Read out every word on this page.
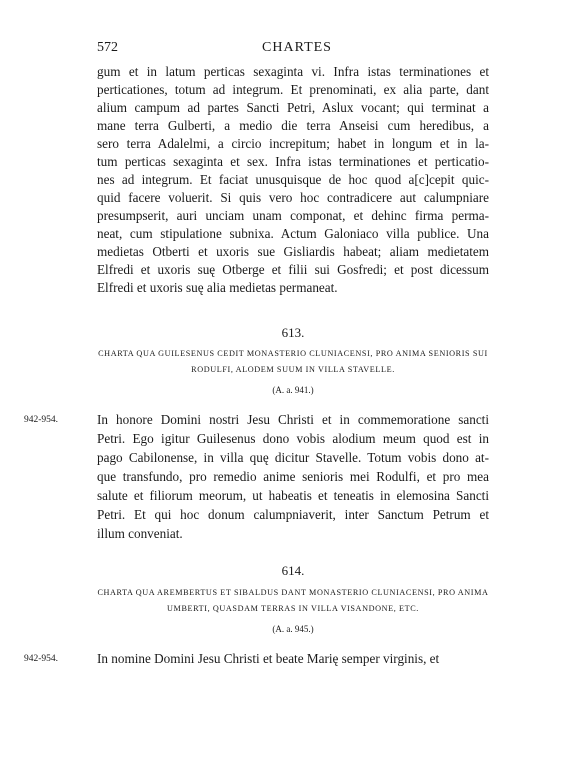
572	CHARTES
gum et in latum perticas sexaginta vi. Infra istas terminationes et
perticationes, totum ad integrum. Et prenominati, ex alia parte, dant
alium campum ad partes Sancti Petri, Aslux vocant; qui terminat a
mane terra Gulberti, a medio die terra Anseisi cum heredibus, a
sero terra Adalelmi, a circio increpitum; habet in longum et in la-
tum perticas sexaginta et sex. Infra istas terminationes et perticatio-
nes ad integrum. Et faciat unusquisque de hoc quod a[c]cepit quic-
quid facere voluerit. Si quis vero hoc contradicere aut calumpniare
presumpserit, auri unciam unam componat, et dehinc firma perma-
neat, cum stipulatione subnixa. Actum Galoniaco villa publice. Una
medietas Otberti et uxoris sue Gisliardis habeat; aliam medietatem
Elfredi et uxoris suę Otberge et filii sui Gosfredi; et post dicessum
Elfredi et uxoris suę alia medietas permaneat.
613.
CHARTA QUA GUILESENUS CEDIT MONASTERIO CLUNIACENSI, PRO ANIMA SENIORIS SUI
RODULFI, ALODEM SUUM IN VILLA STAVELLE.
(A. a. 941.)
942-954.	In honore Domini nostri Jesu Christi et in commemoratione sancti
Petri. Ego igitur Guilesenus dono vobis alodium meum quod est in
pago Cabilonense, in villa quę dicitur Stavelle. Totum vobis dono at-
que transfundo, pro remedio anime senioris mei Rodulfi, et pro mea
salute et filiorum meorum, ut habeatis et teneatis in elemosina Sancti
Petri. Et qui hoc donum calumpniaverit, inter Sanctum Petrum et
illum conveniat.
614.
CHARTA QUA AREMBERTUS ET SIBALDUS DANT MONASTERIO CLUNIACENSI, PRO ANIMA
UMBERTI, QUASDAM TERRAS IN VILLA VISANDONE, ETC.
(A. a. 945.)
942-954.	In nomine Domini Jesu Christi et beate Marię semper virginis, et
